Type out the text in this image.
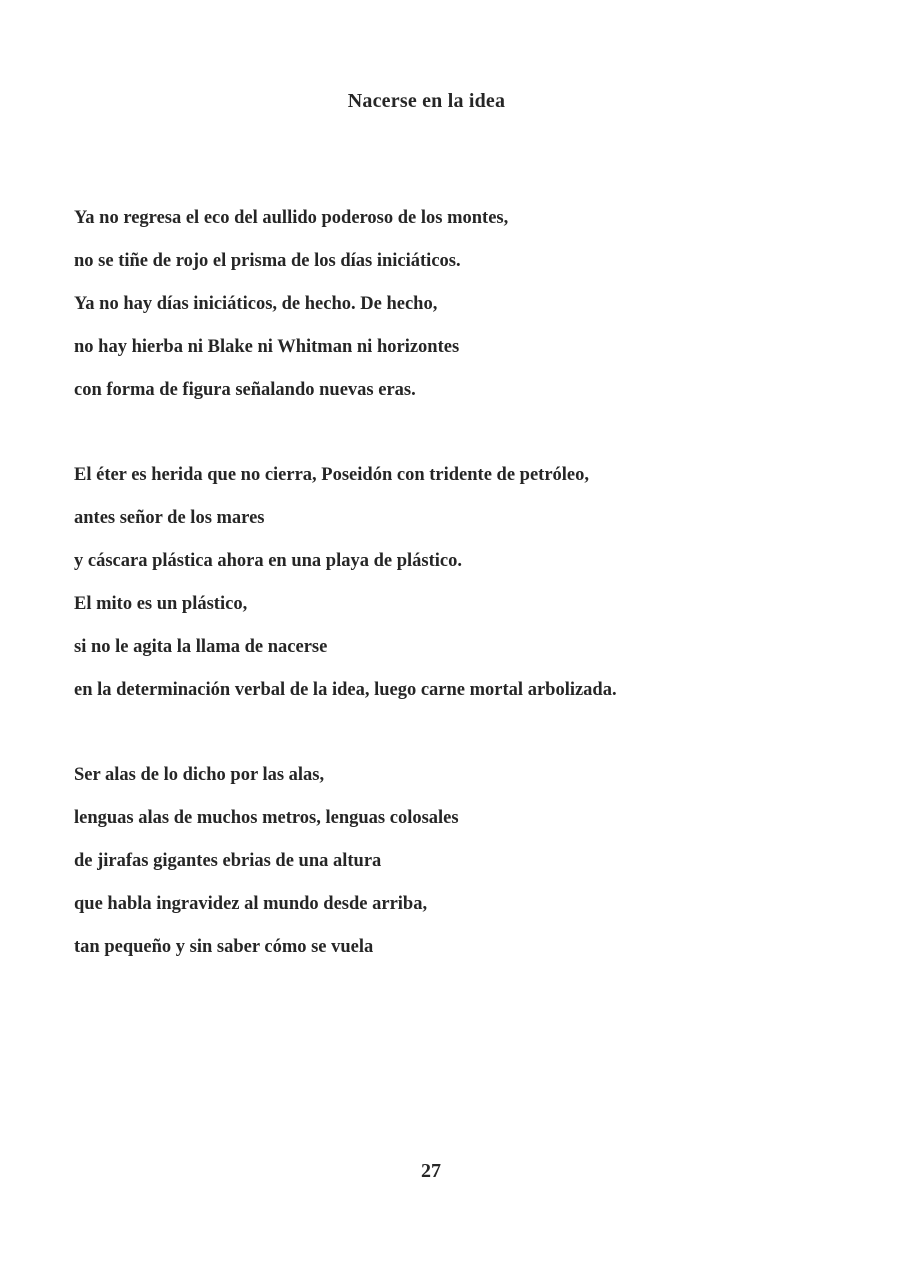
Nacerse en la idea
Ya no regresa el eco del aullido poderoso de los montes,
no se tiñe de rojo el prisma de los días iniciáticos.
Ya no hay días iniciáticos, de hecho. De hecho,
no hay hierba ni Blake ni Whitman ni horizontes
con forma de figura señalando nuevas eras.
El éter es herida que no cierra, Poseidón con tridente de petróleo,
antes señor de los mares
y cáscara plástica ahora en una playa de plástico.
El mito es un plástico,
si no le agita la llama de nacerse
en la determinación verbal de la idea, luego carne mortal arbolizada.
Ser alas de lo dicho por las alas,
lenguas alas de muchos metros, lenguas colosales
de jirafas gigantes ebrias de una altura
que habla ingravidez al mundo desde arriba,
tan pequeño y sin saber cómo se vuela
27
